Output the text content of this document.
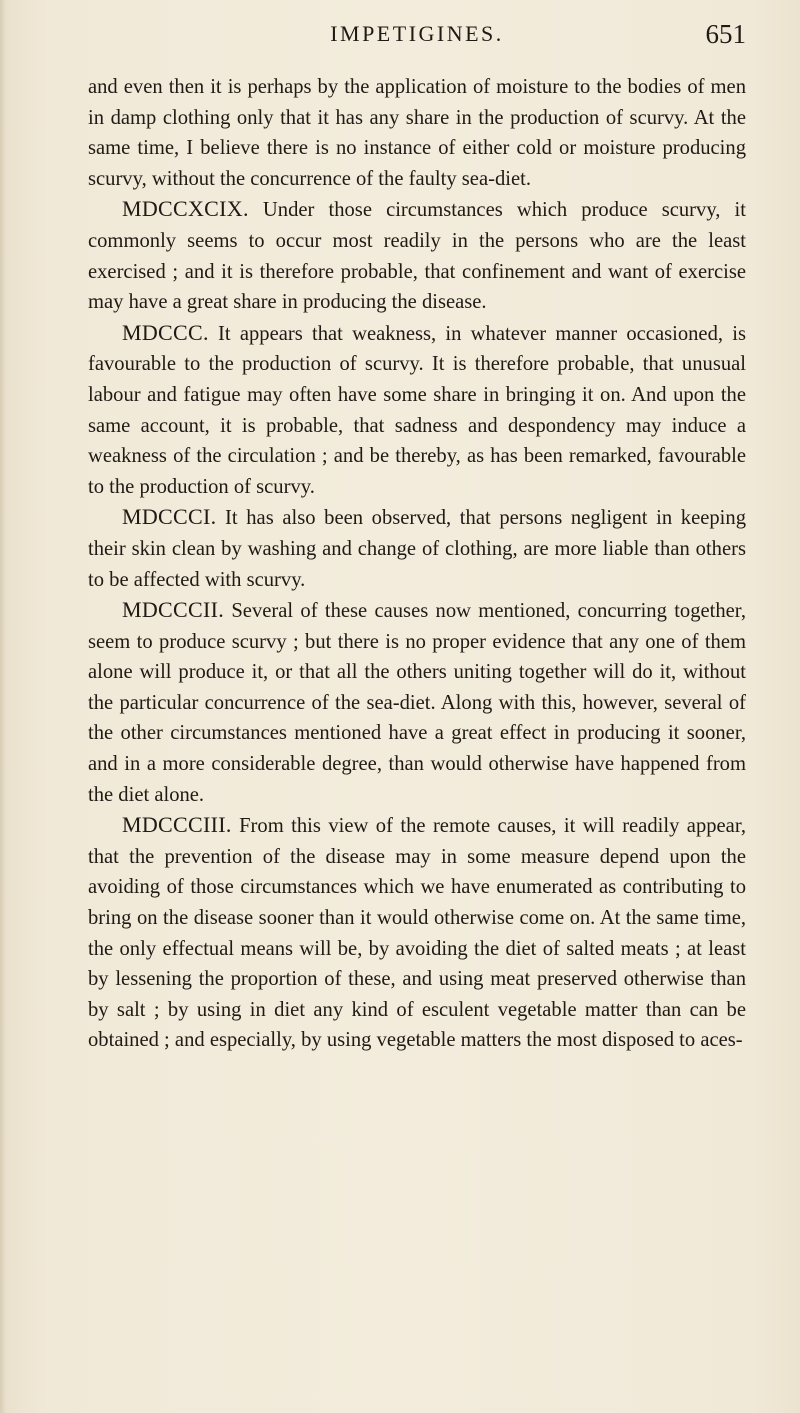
IMPETIGINES.	651

and even then it is perhaps by the application of moisture to the bodies of men in damp clothing only that it has any share in the production of scurvy. At the same time, I believe there is no instance of either cold or moisture producing scurvy, without the concurrence of the faulty sea-diet.

MDCCXCIX. Under those circumstances which produce scurvy, it commonly seems to occur most readily in the persons who are the least exercised ; and it is therefore probable, that confinement and want of exercise may have a great share in producing the disease.

MDCCC. It appears that weakness, in whatever manner occasioned, is favourable to the production of scurvy. It is therefore probable, that unusual labour and fatigue may often have some share in bringing it on. And upon the same account, it is probable, that sadness and despondency may induce a weakness of the circulation ; and be thereby, as has been remarked, favourable to the production of scurvy.

MDCCCI. It has also been observed, that persons negligent in keeping their skin clean by washing and change of clothing, are more liable than others to be affected with scurvy.

MDCCCII. Several of these causes now mentioned, concurring together, seem to produce scurvy ; but there is no proper evidence that any one of them alone will produce it, or that all the others uniting together will do it, without the particular concurrence of the sea-diet. Along with this, however, several of the other circumstances mentioned have a great effect in producing it sooner, and in a more considerable degree, than would otherwise have happened from the diet alone.

MDCCCIII. From this view of the remote causes, it will readily appear, that the prevention of the disease may in some measure depend upon the avoiding of those circumstances which we have enumerated as contributing to bring on the disease sooner than it would otherwise come on. At the same time, the only effectual means will be, by avoiding the diet of salted meats ; at least by lessening the proportion of these, and using meat preserved otherwise than by salt ; by using in diet any kind of esculent vegetable matter than can be obtained ; and especially, by using vegetable matters the most disposed to aces-
